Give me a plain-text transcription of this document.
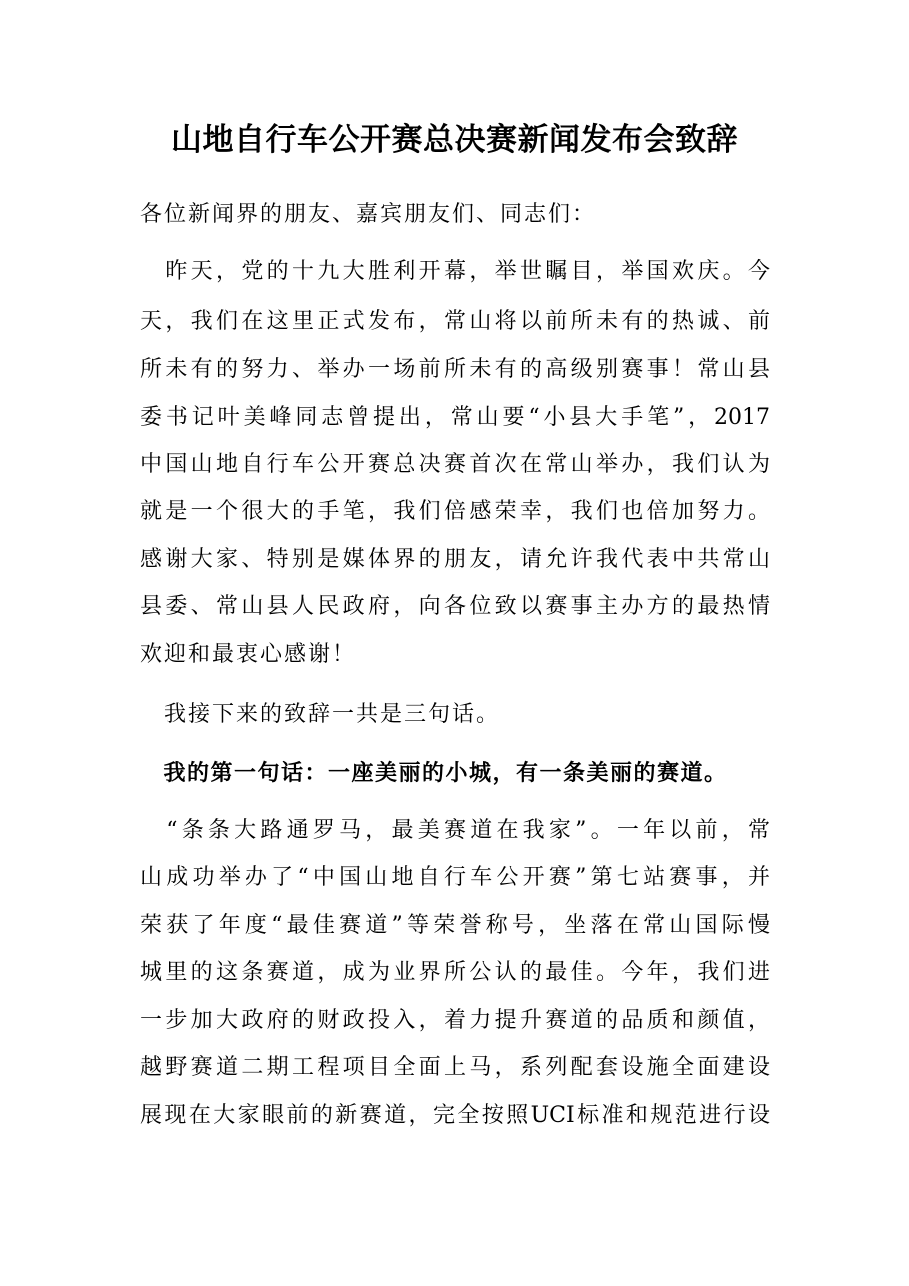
山地自行车公开赛总决赛新闻发布会致辞
各位新闻界的朋友、嘉宾朋友们、同志们：
　昨天，党的十九大胜利开幕，举世瞩目，举国欢庆。今
天，我们在这里正式发布，常山将以前所未有的热诚、前
所未有的努力、举办一场前所未有的高级别赛事！常山县
委书记叶美峰同志曾提出，常山要“小县大手笔”，2017
中国山地自行车公开赛总决赛首次在常山举办，我们认为
就是一个很大的手笔，我们倍感荣幸，我们也倍加努力。
感谢大家、特别是媒体界的朋友，请允许我代表中共常山
县委、常山县人民政府，向各位致以赛事主办方的最热情
欢迎和最衷心感谢！
　我接下来的致辞一共是三句话。
　我的第一句话：一座美丽的小城，有一条美丽的赛道。
　“条条大路通罗马，最美赛道在我家”。一年以前，常
山成功举办了“中国山地自行车公开赛”第七站赛事，并
荣获了年度“最佳赛道”等荣誉称号，坐落在常山国际慢
城里的这条赛道，成为业界所公认的最佳。今年，我们进
一步加大政府的财政投入，着力提升赛道的品质和颜值，
越野赛道二期工程项目全面上马，系列配套设施全面建设
展现在大家眼前的新赛道，完全按照UCI标准和规范进行设
